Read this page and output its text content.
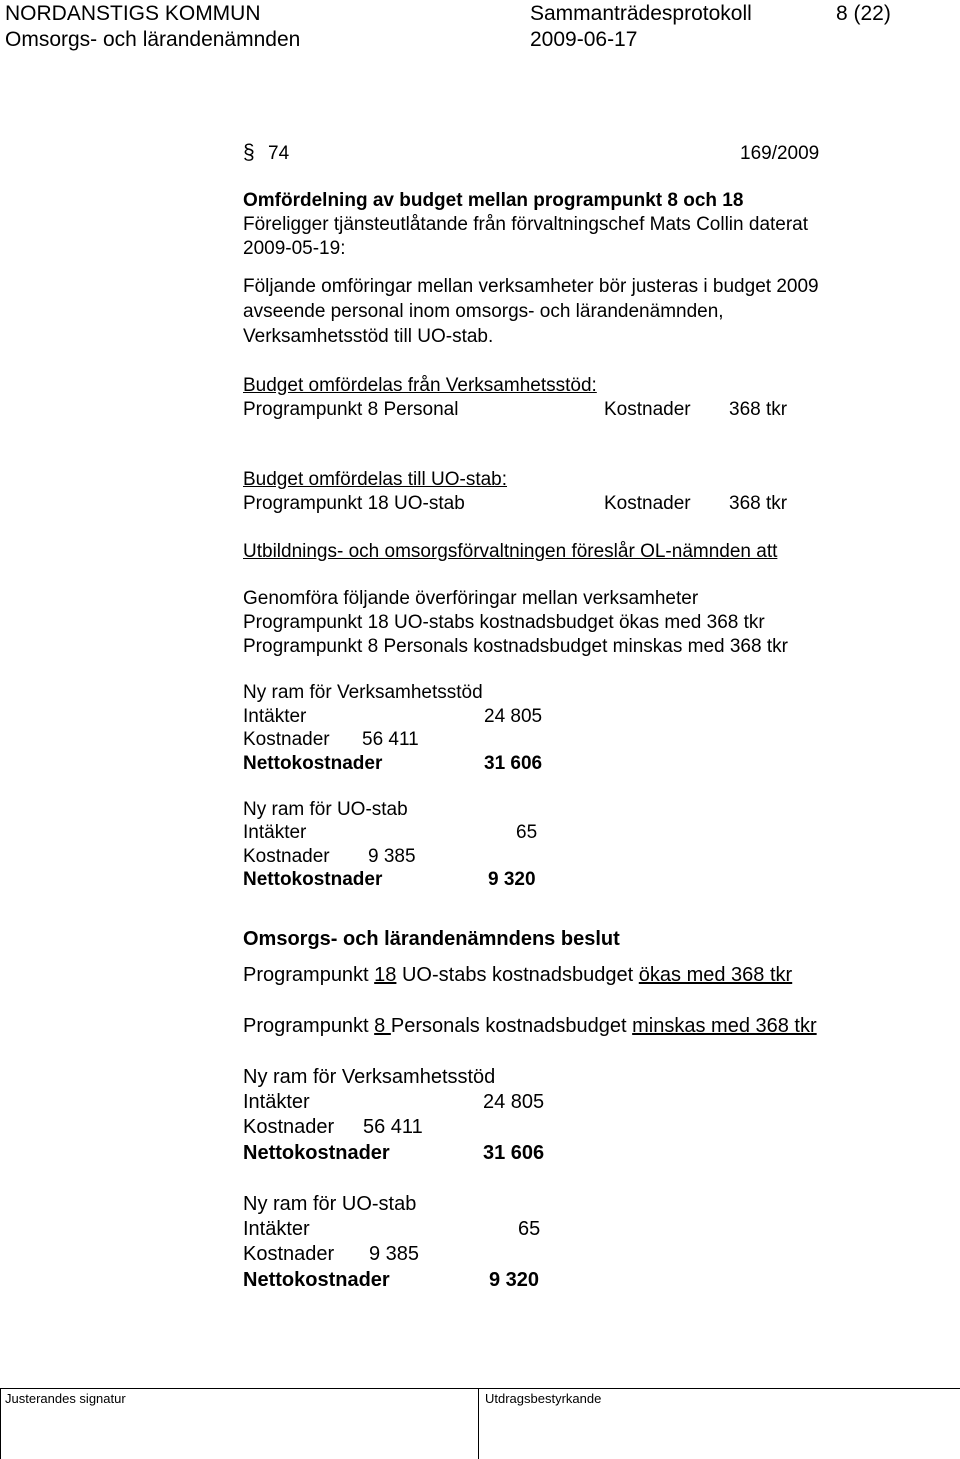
NORDANSTIGS KOMMUN	Sammanträdesprotokoll	8 (22)
Omsorgs- och lärandenämnden	2009-06-17
§ 74	169/2009
Omfördelning av budget mellan programpunkt 8 och 18
Föreligger tjänsteutlåtande från förvaltningschef Mats Collin daterat
2009-05-19:
Följande omföringar mellan verksamheter bör justeras i budget 2009
avseende personal inom omsorgs- och lärandenämnden,
Verksamhetsstöd till UO-stab.
Budget omfördelas från Verksamhetsstöd:
Programpunkt 8 Personal	Kostnader 368 tkr
Budget omfördelas till UO-stab:
Programpunkt 18 UO-stab	Kostnader 368 tkr
Utbildnings- och omsorgsförvaltningen föreslår OL-nämnden att
Genomföra följande överföringar mellan verksamheter
Programpunkt 18 UO-stabs kostnadsbudget ökas med 368 tkr
Programpunkt 8 Personals kostnadsbudget minskas med 368 tkr
Ny ram för Verksamhetsstöd
Intäkter	24 805
Kostnader 56 411
Nettokostnader	31 606
Ny ram för UO-stab
Intäkter	65
Kostnader 9 385
Nettokostnader	9 320
Omsorgs- och lärandenämndens beslut
Programpunkt 18 UO-stabs kostnadsbudget ökas med 368 tkr
Programpunkt 8 Personals kostnadsbudget minskas med 368 tkr
Ny ram för Verksamhetsstöd
Intäkter	24 805
Kostnader 56 411
Nettokostnader	31 606
Ny ram för UO-stab
Intäkter	65
Kostnader 9 385
Nettokostnader	9 320
Justerandes signatur	Utdragsbestyrkande
